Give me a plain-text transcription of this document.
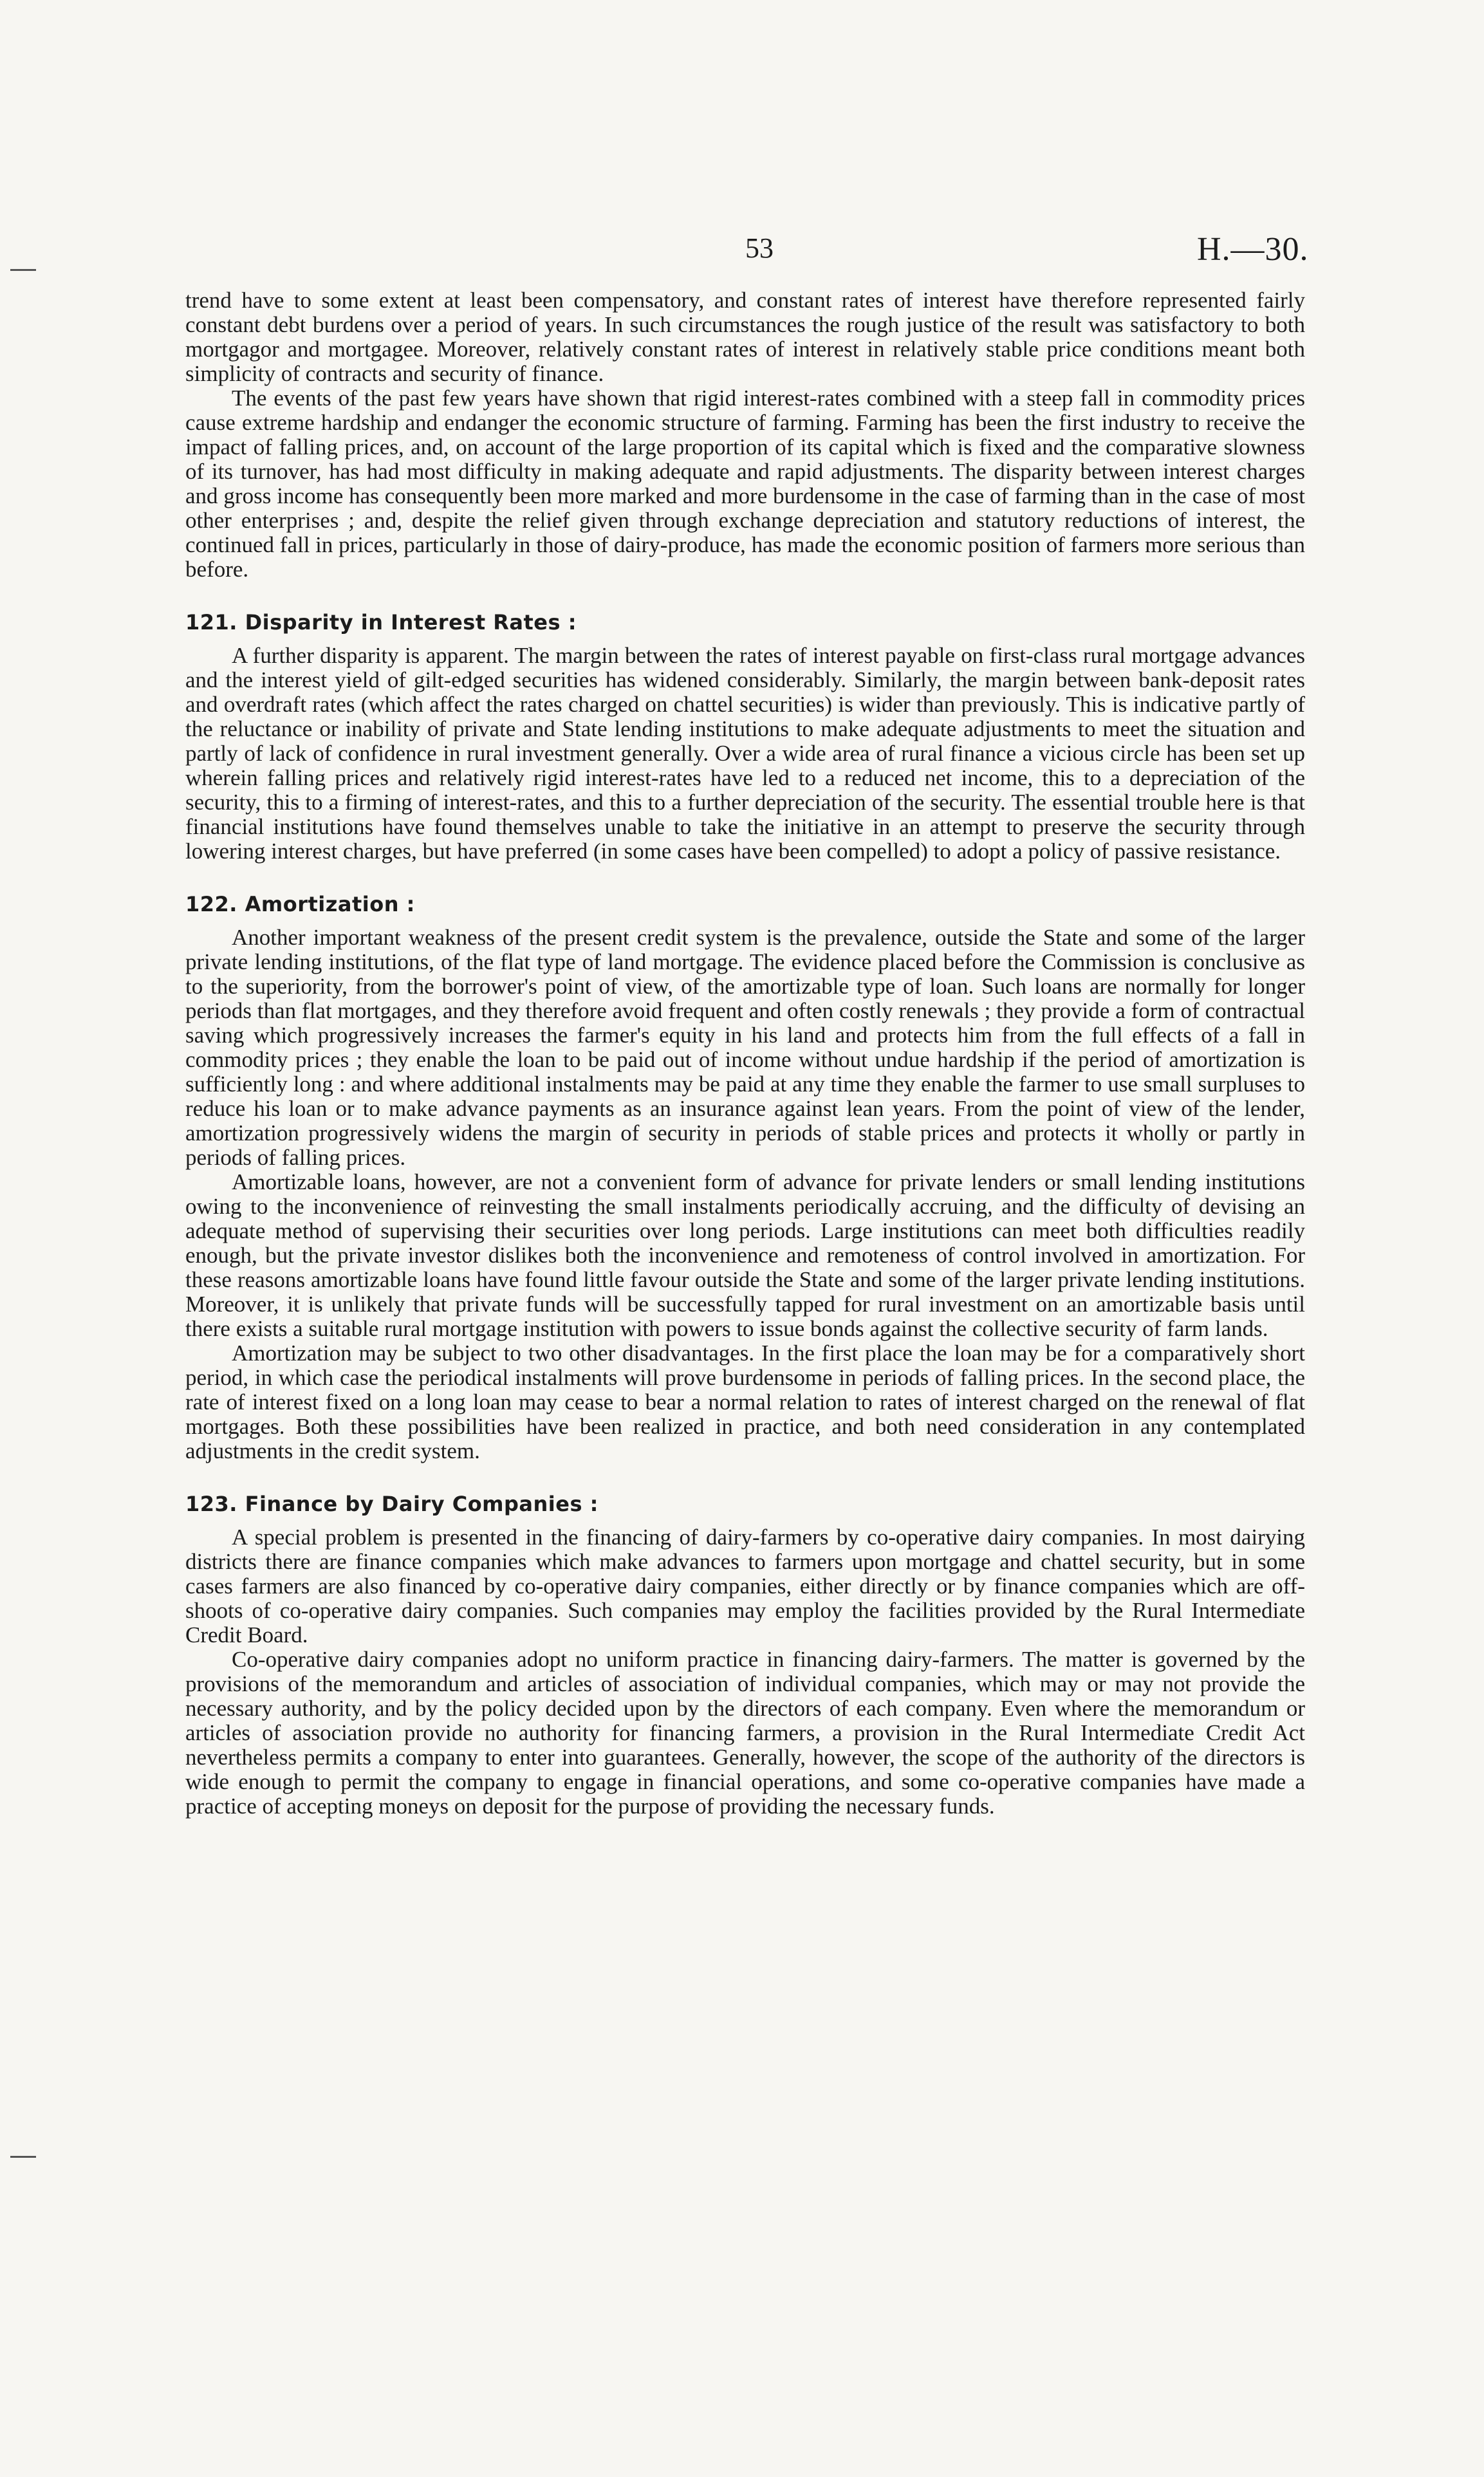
53	H.—30.

trend have to some extent at least been compensatory, and constant rates of interest have therefore represented fairly constant debt burdens over a period of years. In such circumstances the rough justice of the result was satisfactory to both mortgagor and mortgagee. Moreover, relatively constant rates of interest in relatively stable price conditions meant both simplicity of contracts and security of finance.

The events of the past few years have shown that rigid interest-rates combined with a steep fall in commodity prices cause extreme hardship and endanger the economic structure of farming. Farming has been the first industry to receive the impact of falling prices, and, on account of the large proportion of its capital which is fixed and the comparative slowness of its turnover, has had most difficulty in making adequate and rapid adjustments. The disparity between interest charges and gross income has consequently been more marked and more burdensome in the case of farming than in the case of most other enterprises ; and, despite the relief given through exchange depreciation and statutory reductions of interest, the continued fall in prices, particularly in those of dairy-produce, has made the economic position of farmers more serious than before.

121. Disparity in Interest Rates :

A further disparity is apparent. The margin between the rates of interest payable on first-class rural mortgage advances and the interest yield of gilt-edged securities has widened considerably. Similarly, the margin between bank-deposit rates and overdraft rates (which affect the rates charged on chattel securities) is wider than previously. This is indicative partly of the reluctance or inability of private and State lending institutions to make adequate adjustments to meet the situation and partly of lack of confidence in rural investment generally. Over a wide area of rural finance a vicious circle has been set up wherein falling prices and relatively rigid interest-rates have led to a reduced net income, this to a depreciation of the security, this to a firming of interest-rates, and this to a further depreciation of the security. The essential trouble here is that financial institutions have found themselves unable to take the initiative in an attempt to preserve the security through lowering interest charges, but have preferred (in some cases have been compelled) to adopt a policy of passive resistance.

122. Amortization :

Another important weakness of the present credit system is the prevalence, outside the State and some of the larger private lending institutions, of the flat type of land mortgage. The evidence placed before the Commission is conclusive as to the superiority, from the borrower's point of view, of the amortizable type of loan. Such loans are normally for longer periods than flat mortgages, and they therefore avoid frequent and often costly renewals ; they provide a form of contractual saving which progressively increases the farmer's equity in his land and protects him from the full effects of a fall in commodity prices ; they enable the loan to be paid out of income without undue hardship if the period of amortization is sufficiently long : and where additional instalments may be paid at any time they enable the farmer to use small surpluses to reduce his loan or to make advance payments as an insurance against lean years. From the point of view of the lender, amortization progressively widens the margin of security in periods of stable prices and protects it wholly or partly in periods of falling prices.

Amortizable loans, however, are not a convenient form of advance for private lenders or small lending institutions owing to the inconvenience of reinvesting the small instalments periodically accruing, and the difficulty of devising an adequate method of supervising their securities over long periods. Large institutions can meet both difficulties readily enough, but the private investor dislikes both the inconvenience and remoteness of control involved in amortization. For these reasons amortizable loans have found little favour outside the State and some of the larger private lending institutions. Moreover, it is unlikely that private funds will be successfully tapped for rural investment on an amortizable basis until there exists a suitable rural mortgage institution with powers to issue bonds against the collective security of farm lands.

Amortization may be subject to two other disadvantages. In the first place the loan may be for a comparatively short period, in which case the periodical instalments will prove burdensome in periods of falling prices. In the second place, the rate of interest fixed on a long loan may cease to bear a normal relation to rates of interest charged on the renewal of flat mortgages. Both these possibilities have been realized in practice, and both need consideration in any contemplated adjustments in the credit system.

123. Finance by Dairy Companies :

A special problem is presented in the financing of dairy-farmers by co-operative dairy companies. In most dairying districts there are finance companies which make advances to farmers upon mortgage and chattel security, but in some cases farmers are also financed by co-operative dairy companies, either directly or by finance companies which are off-shoots of co-operative dairy companies. Such companies may employ the facilities provided by the Rural Intermediate Credit Board.

Co-operative dairy companies adopt no uniform practice in financing dairy-farmers. The matter is governed by the provisions of the memorandum and articles of association of individual companies, which may or may not provide the necessary authority, and by the policy decided upon by the directors of each company. Even where the memorandum or articles of association provide no authority for financing farmers, a provision in the Rural Intermediate Credit Act nevertheless permits a company to enter into guarantees. Generally, however, the scope of the authority of the directors is wide enough to permit the company to engage in financial operations, and some co-operative companies have made a practice of accepting moneys on deposit for the purpose of providing the necessary funds.
